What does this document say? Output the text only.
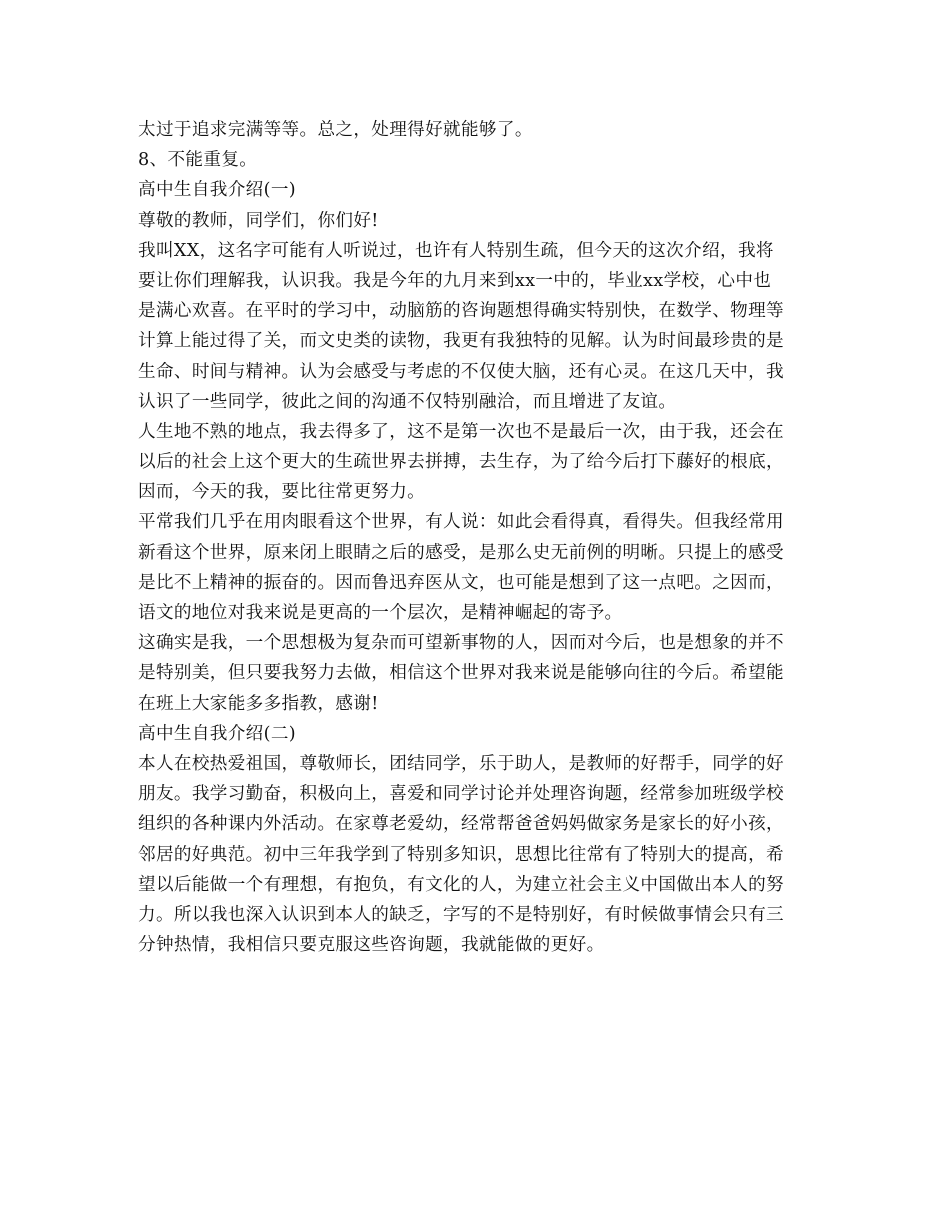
太过于追求完满等等。总之，处理得好就能够了。
8、不能重复。
高中生自我介绍(一)
尊敬的教师，同学们，你们好!
我叫XX，这名字可能有人听说过，也许有人特别生疏，但今天的这次介绍，我将
要让你们理解我，认识我。我是今年的九月来到xx一中的，毕业xx学校，心中也
是满心欢喜。在平时的学习中，动脑筋的咨询题想得确实特别快，在数学、物理等
计算上能过得了关，而文史类的读物，我更有我独特的见解。认为时间最珍贵的是
生命、时间与精神。认为会感受与考虑的不仅使大脑，还有心灵。在这几天中，我
认识了一些同学，彼此之间的沟通不仅特别融洽，而且增进了友谊。
人生地不熟的地点，我去得多了，这不是第一次也不是最后一次，由于我，还会在
以后的社会上这个更大的生疏世界去拼搏，去生存，为了给今后打下藤好的根底，
因而，今天的我，要比往常更努力。
平常我们几乎在用肉眼看这个世界，有人说：如此会看得真，看得失。但我经常用
新看这个世界，原来闭上眼睛之后的感受，是那么史无前例的明晰。只提上的感受
是比不上精神的振奋的。因而鲁迅弃医从文，也可能是想到了这一点吧。之因而，
语文的地位对我来说是更高的一个层次，是精神崛起的寄予。
这确实是我，一个思想极为复杂而可望新事物的人，因而对今后，也是想象的并不
是特别美，但只要我努力去做，相信这个世界对我来说是能够向往的今后。希望能
在班上大家能多多指教，感谢!
高中生自我介绍(二)
本人在校热爱祖国，尊敬师长，团结同学，乐于助人，是教师的好帮手，同学的好
朋友。我学习勤奋，积极向上，喜爱和同学讨论并处理咨询题，经常参加班级学校
组织的各种课内外活动。在家尊老爱幼，经常帮爸爸妈妈做家务是家长的好小孩，
邻居的好典范。初中三年我学到了特别多知识，思想比往常有了特别大的提高，希
望以后能做一个有理想，有抱负，有文化的人，为建立社会主义中国做出本人的努
力。所以我也深入认识到本人的缺乏，字写的不是特别好，有时候做事情会只有三
分钟热情，我相信只要克服这些咨询题，我就能做的更好。
